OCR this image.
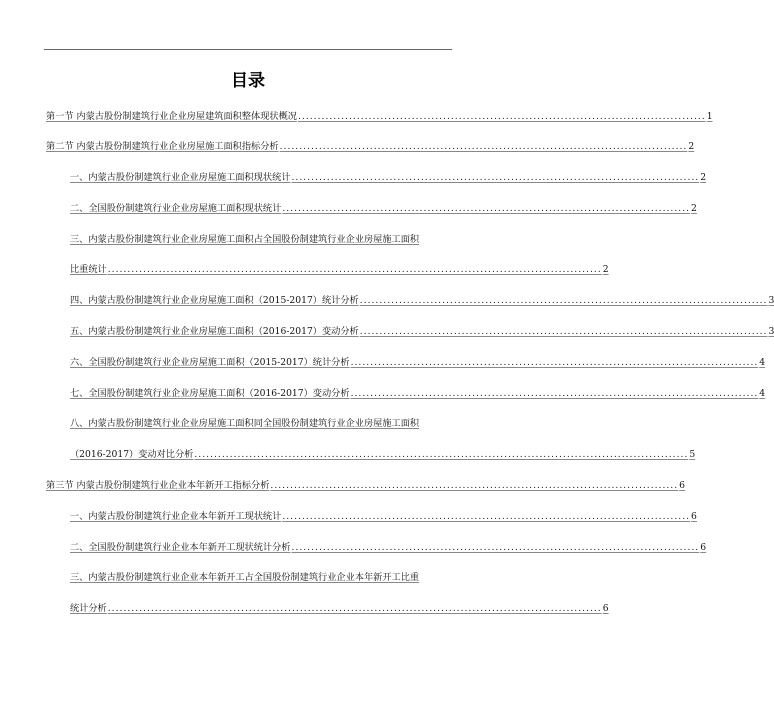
目录
第一节 内蒙古股份制建筑行业企业房屋建筑面积整体现状概况 ........................................................................................................ 1
第二节 内蒙古股份制建筑行业企业房屋施工面积指标分析 ........................................................................................................ 2
一、内蒙古股份制建筑行业企业房屋施工面积现状统计 ........................................................................................................ 2
二、全国股份制建筑行业企业房屋施工面积现状统计 ........................................................................................................ 2
三、内蒙古股份制建筑行业企业房屋施工面积占全国股份制建筑行业企业房屋施工面积
比重统计 .............................................................................................................................. 2
四、内蒙古股份制建筑行业企业房屋施工面积（2015-2017）统计分析 ........................................................................................................ 3
五、内蒙古股份制建筑行业企业房屋施工面积（2016-2017）变动分析 ........................................................................................................ 3
六、全国股份制建筑行业企业房屋施工面积（2015-2017）统计分析 ........................................................................................................ 4
七、全国股份制建筑行业企业房屋施工面积（2016-2017）变动分析 ........................................................................................................ 4
八、内蒙古股份制建筑行业企业房屋施工面积同全国股份制建筑行业企业房屋施工面积
（2016-2017）变动对比分析 .............................................................................................................................. 5
第三节 内蒙古股份制建筑行业企业本年新开工指标分析 ........................................................................................................ 6
一、内蒙古股份制建筑行业企业本年新开工现状统计 ........................................................................................................ 6
二、全国股份制建筑行业企业本年新开工现状统计分析 ........................................................................................................ 6
三、内蒙古股份制建筑行业企业本年新开工占全国股份制建筑行业企业本年新开工比重
统计分析 .............................................................................................................................. 6
